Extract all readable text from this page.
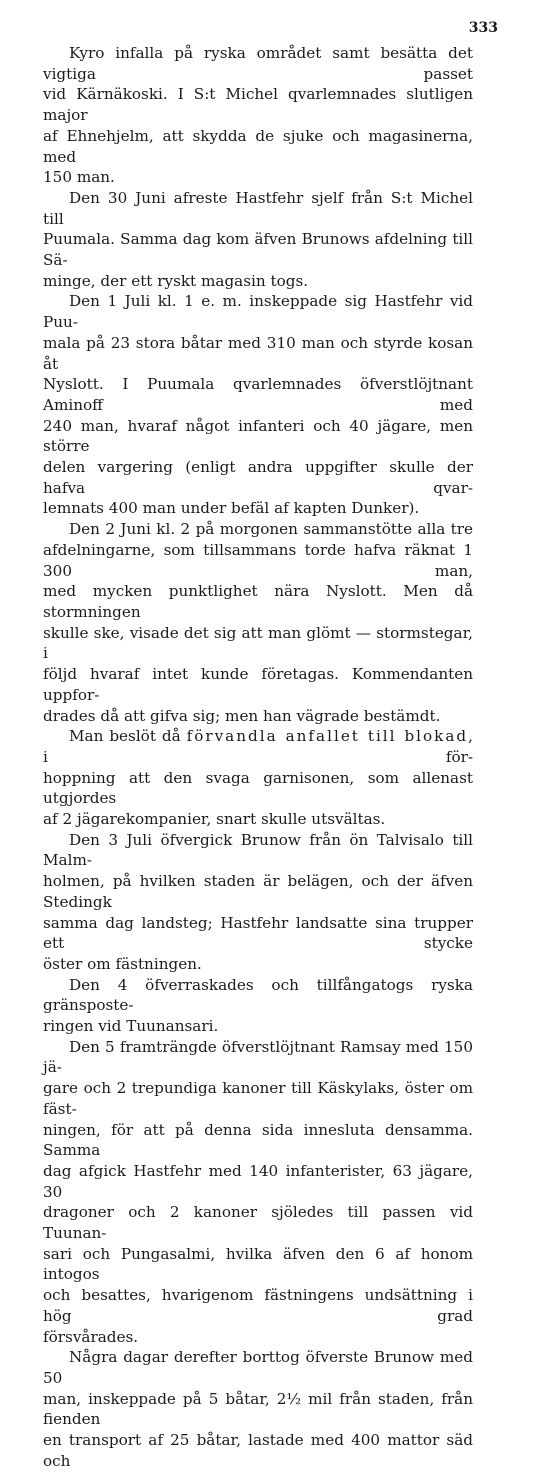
333
Kyro infalla på ryska området samt besätta det vigtiga passet
vid Kärnäkoski. I S:t Michel qvarlemnades slutligen major
af Ehnehjelm, att skydda de sjuke och magasinerna, med
150 man.
Den 30 Juni afreste Hastfehr sjelf från S:t Michel till
Puumala. Samma dag kom äfven Brunows afdelning till Sä-
minge, der ett ryskt magasin togs.
Den 1 Juli kl. 1 e. m. inskeppade sig Hastfehr vid Puu-
mala på 23 stora båtar med 310 man och styrde kosan åt
Nyslott. I Puumala qvarlemnades öfverstlöjtnant Aminoff med
240 man, hvaraf något infanteri och 40 jägare, men större
delen vargering (enligt andra uppgifter skulle der hafva qvar-
lemnats 400 man under befäl af kapten Dunker).
Den 2 Juni kl. 2 på morgonen sammanstötte alla tre
afdelningarne, som tillsammans torde hafva räknat 1 300 man,
med mycken punktlighet nära Nyslott. Men då stormningen
skulle ske, visade det sig att man glömt — stormstegar, i
följd hvaraf intet kunde företagas. Kommendanten uppfor-
drades då att gifva sig; men han vägrade bestämdt.
Man beslöt då förvandla anfallet till blokad, i för-
hoppning att den svaga garnisonen, som allenast utgjordes
af 2 jägarekompanier, snart skulle utsvältas.
Den 3 Juli öfvergick Brunow från ön Talvisalo till Malm-
holmen, på hvilken staden är belägen, och der äfven Stedingk
samma dag landsteg; Hastfehr landsatte sina trupper ett stycke
öster om fästningen.
Den 4 öfverraskades och tillfångatogs ryska gränsposte-
ringen vid Tuunansari.
Den 5 framträngde öfverstlöjtnant Ramsay med 150 jä-
gare och 2 trepundiga kanoner till Käskylaks, öster om fäst-
ningen, för att på denna sida innesluta densamma. Samma
dag afgick Hastfehr med 140 infanterister, 63 jägare, 30
dragoner och 2 kanoner sjöledes till passen vid Tuunan-
sari och Pungasalmi, hvilka äfven den 6 af honom intogos
och besattes, hvarigenom fästningens undsättning i hög grad
försvårades.
Några dagar derefter borttog öfverste Brunow med 50
man, inskeppade på 5 båtar, 2½ mil från staden, från fienden
en transport af 25 båtar, lastade med 400 mattor säd och
